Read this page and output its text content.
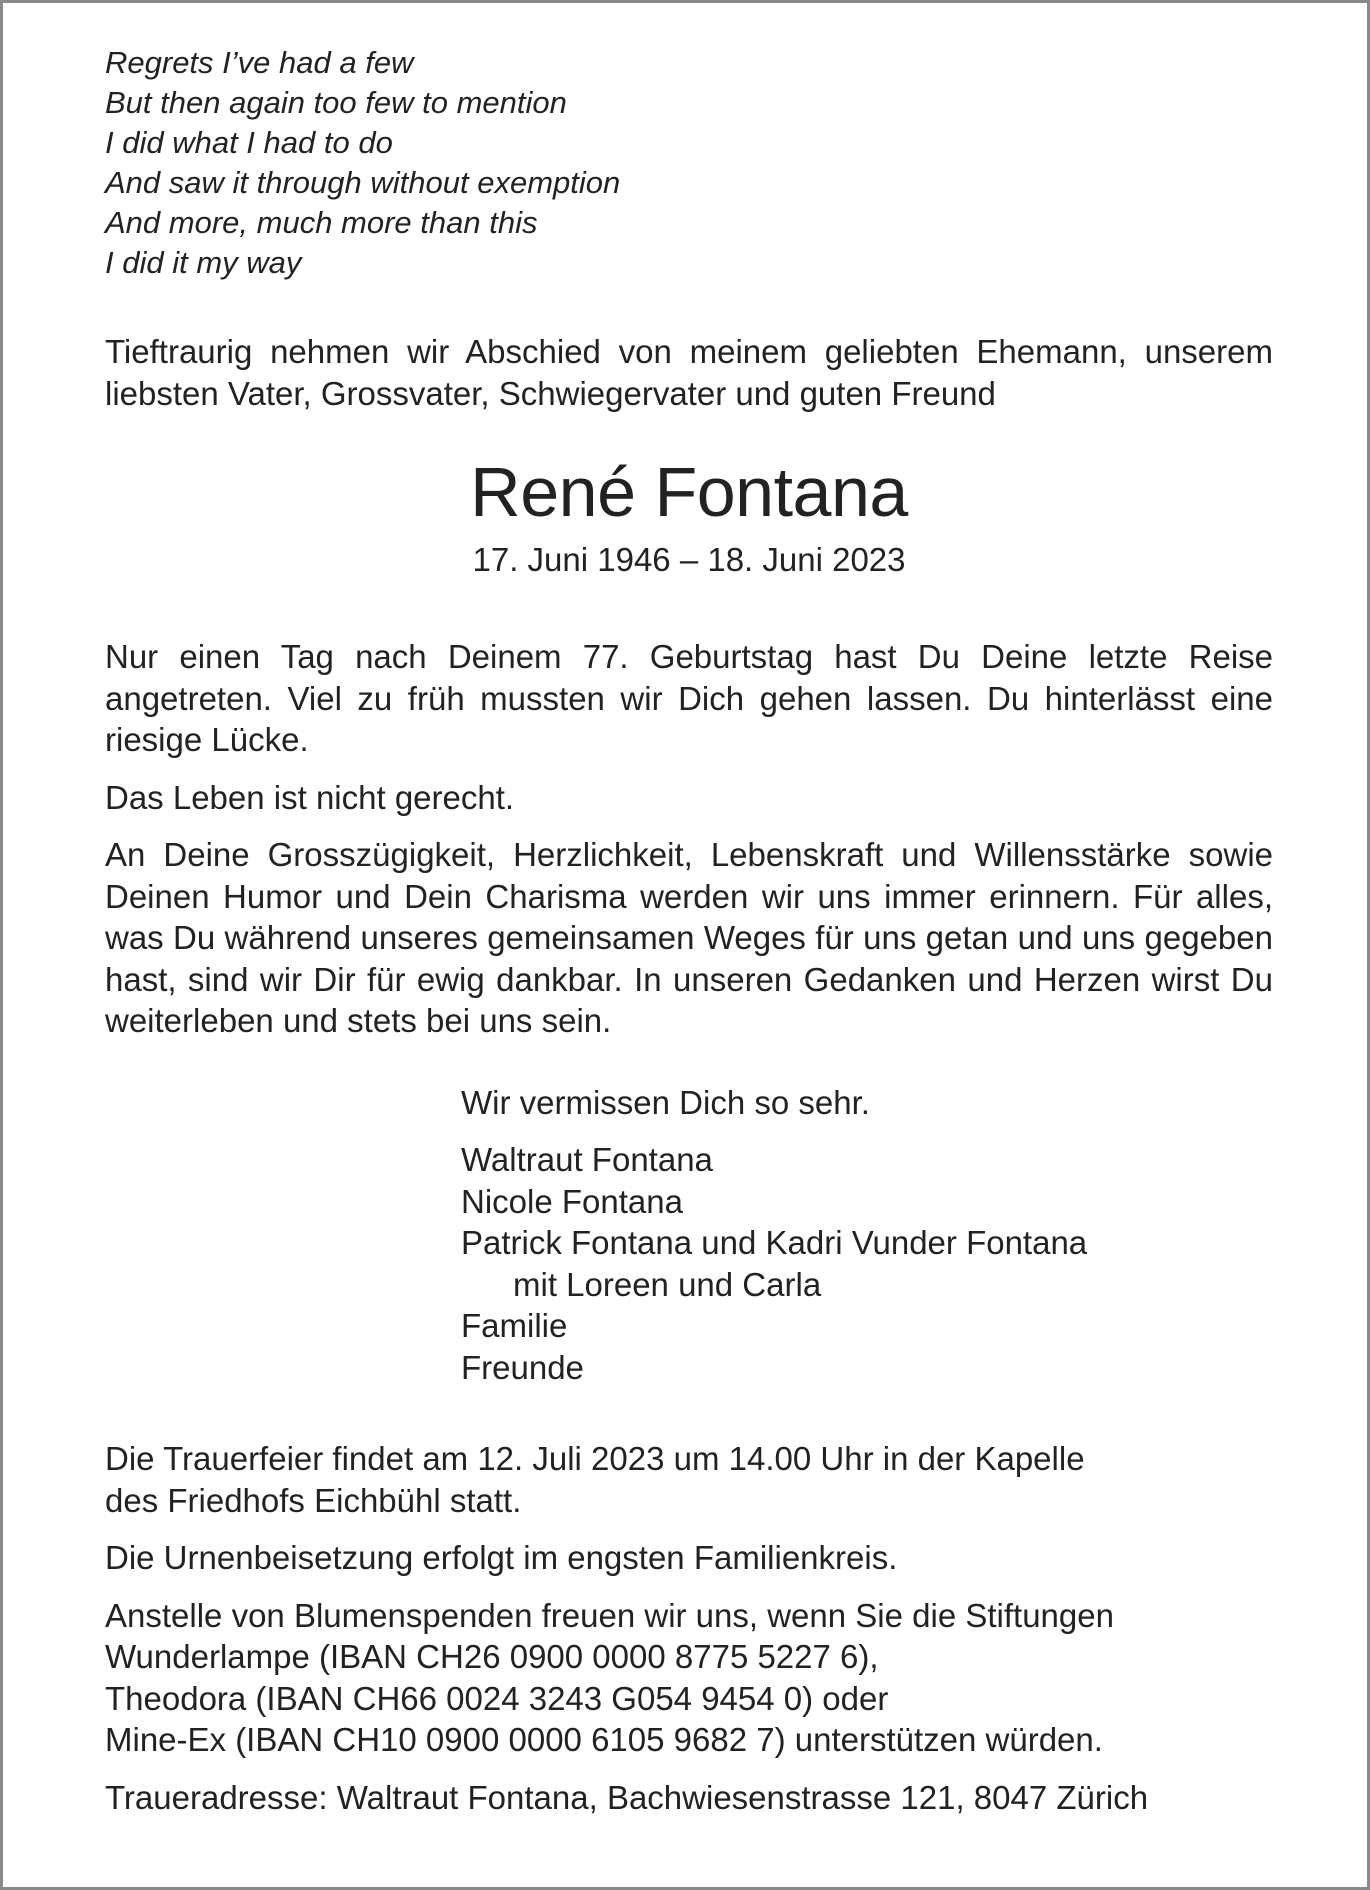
Regrets I’ve had a few
But then again too few to mention
I did what I had to do
And saw it through without exemption
And more, much more than this
I did it my way

Tieftraurig nehmen wir Abschied von meinem geliebten Ehemann, unserem liebsten Vater, Grossvater, Schwiegervater und guten Freund

René Fontana

17. Juni 1946 – 18. Juni 2023

Nur einen Tag nach Deinem 77. Geburtstag hast Du Deine letzte Reise angetreten. Viel zu früh mussten wir Dich gehen lassen. Du hinterlässt eine riesige Lücke.

Das Leben ist nicht gerecht.

An Deine Grosszügigkeit, Herzlichkeit, Lebenskraft und Willensstärke sowie Deinen Humor und Dein Charisma werden wir uns immer erinnern. Für alles, was Du während unseres gemeinsamen Weges für uns getan und uns gegeben hast, sind wir Dir für ewig dankbar. In unseren Gedanken und Herzen wirst Du weiterleben und stets bei uns sein.

Wir vermissen Dich so sehr.
Waltraut Fontana
Nicole Fontana
Patrick Fontana und Kadri Vunder Fontana
mit Loreen und Carla
Familie
Freunde

Die Trauerfeier findet am 12. Juli 2023 um 14.00 Uhr in der Kapelle
des Friedhofs Eichbühl statt.

Die Urnenbeisetzung erfolgt im engsten Familienkreis.

Anstelle von Blumenspenden freuen wir uns, wenn Sie die Stiftungen
Wunderlampe (IBAN CH26 0900 0000 8775 5227 6),
Theodora (IBAN CH66 0024 3243 G054 9454 0) oder
Mine-Ex (IBAN CH10 0900 0000 6105 9682 7) unterstützen würden.

Traueradresse: Waltraut Fontana, Bachwiesenstrasse 121, 8047 Zürich
